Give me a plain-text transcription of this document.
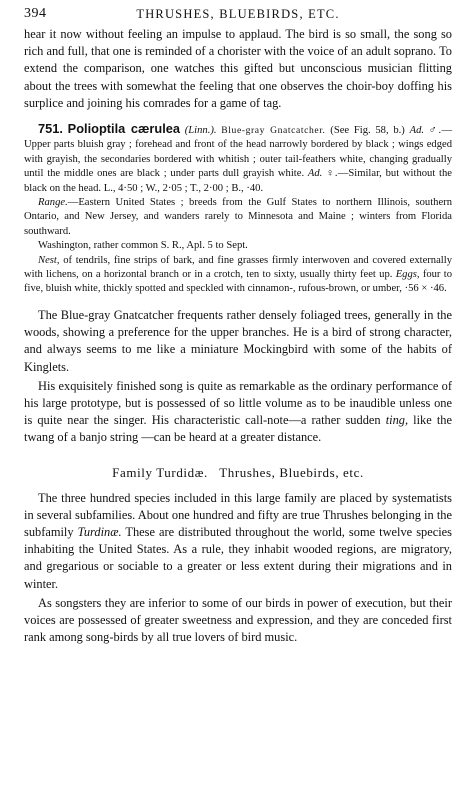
394	THRUSHES, BLUEBIRDS, ETC.

hear it now without feeling an impulse to applaud. The bird is so small, the song so rich and full, that one is reminded of a chorister with the voice of an adult soprano. To extend the comparison, one watches this gifted but unconscious musician flitting about the trees with somewhat the feeling that one observes the choir-boy doffing his surplice and joining his comrades for a game of tag.

751. Polioptila cærulea (Linn.). Blue-gray Gnatcatcher. (See Fig. 58, b.) Ad. ♂.—Upper parts bluish gray ; forehead and front of the head narrowly bordered by black ; wings edged with grayish, the secondaries bordered with whitish ; outer tail-feathers white, changing gradually until the middle ones are black ; under parts dull grayish white. Ad. ♀.—Similar, but without the black on the head. L., 4·50 ; W., 2·05 ; T., 2·00 ; B., ·40.

Range.—Eastern United States ; breeds from the Gulf States to northern Illinois, southern Ontario, and New Jersey, and wanders rarely to Minnesota and Maine ; winters from Florida southward.

Washington, rather common S. R., Apl. 5 to Sept.

Nest, of tendrils, fine strips of bark, and fine grasses firmly interwoven and covered externally with lichens, on a horizontal branch or in a crotch, ten to sixty, usually thirty feet up. Eggs, four to five, bluish white, thickly spotted and speckled with cinnamon-, rufous-brown, or umber, ·56 × ·46.

The Blue-gray Gnatcatcher frequents rather densely foliaged trees, generally in the woods, showing a preference for the upper branches. He is a bird of strong character, and always seems to me like a miniature Mockingbird with some of the habits of Kinglets.

His exquisitely finished song is quite as remarkable as the ordinary performance of his large prototype, but is possessed of so little volume as to be inaudible unless one is quite near the singer. His characteristic call-note—a rather sudden ting, like the twang of a banjo string —can be heard at a greater distance.

Family Turdidæ. Thrushes, Bluebirds, etc.

The three hundred species included in this large family are placed by systematists in several subfamilies. About one hundred and fifty are true Thrushes belonging in the subfamily Turdinæ. These are distributed throughout the world, some twelve species inhabiting the United States. As a rule, they inhabit wooded regions, are migratory, and gregarious or sociable to a greater or less extent during their migrations and in winter.

As songsters they are inferior to some of our birds in power of execution, but their voices are possessed of greater sweetness and expression, and they are conceded first rank among song-birds by all true lovers of bird music.
